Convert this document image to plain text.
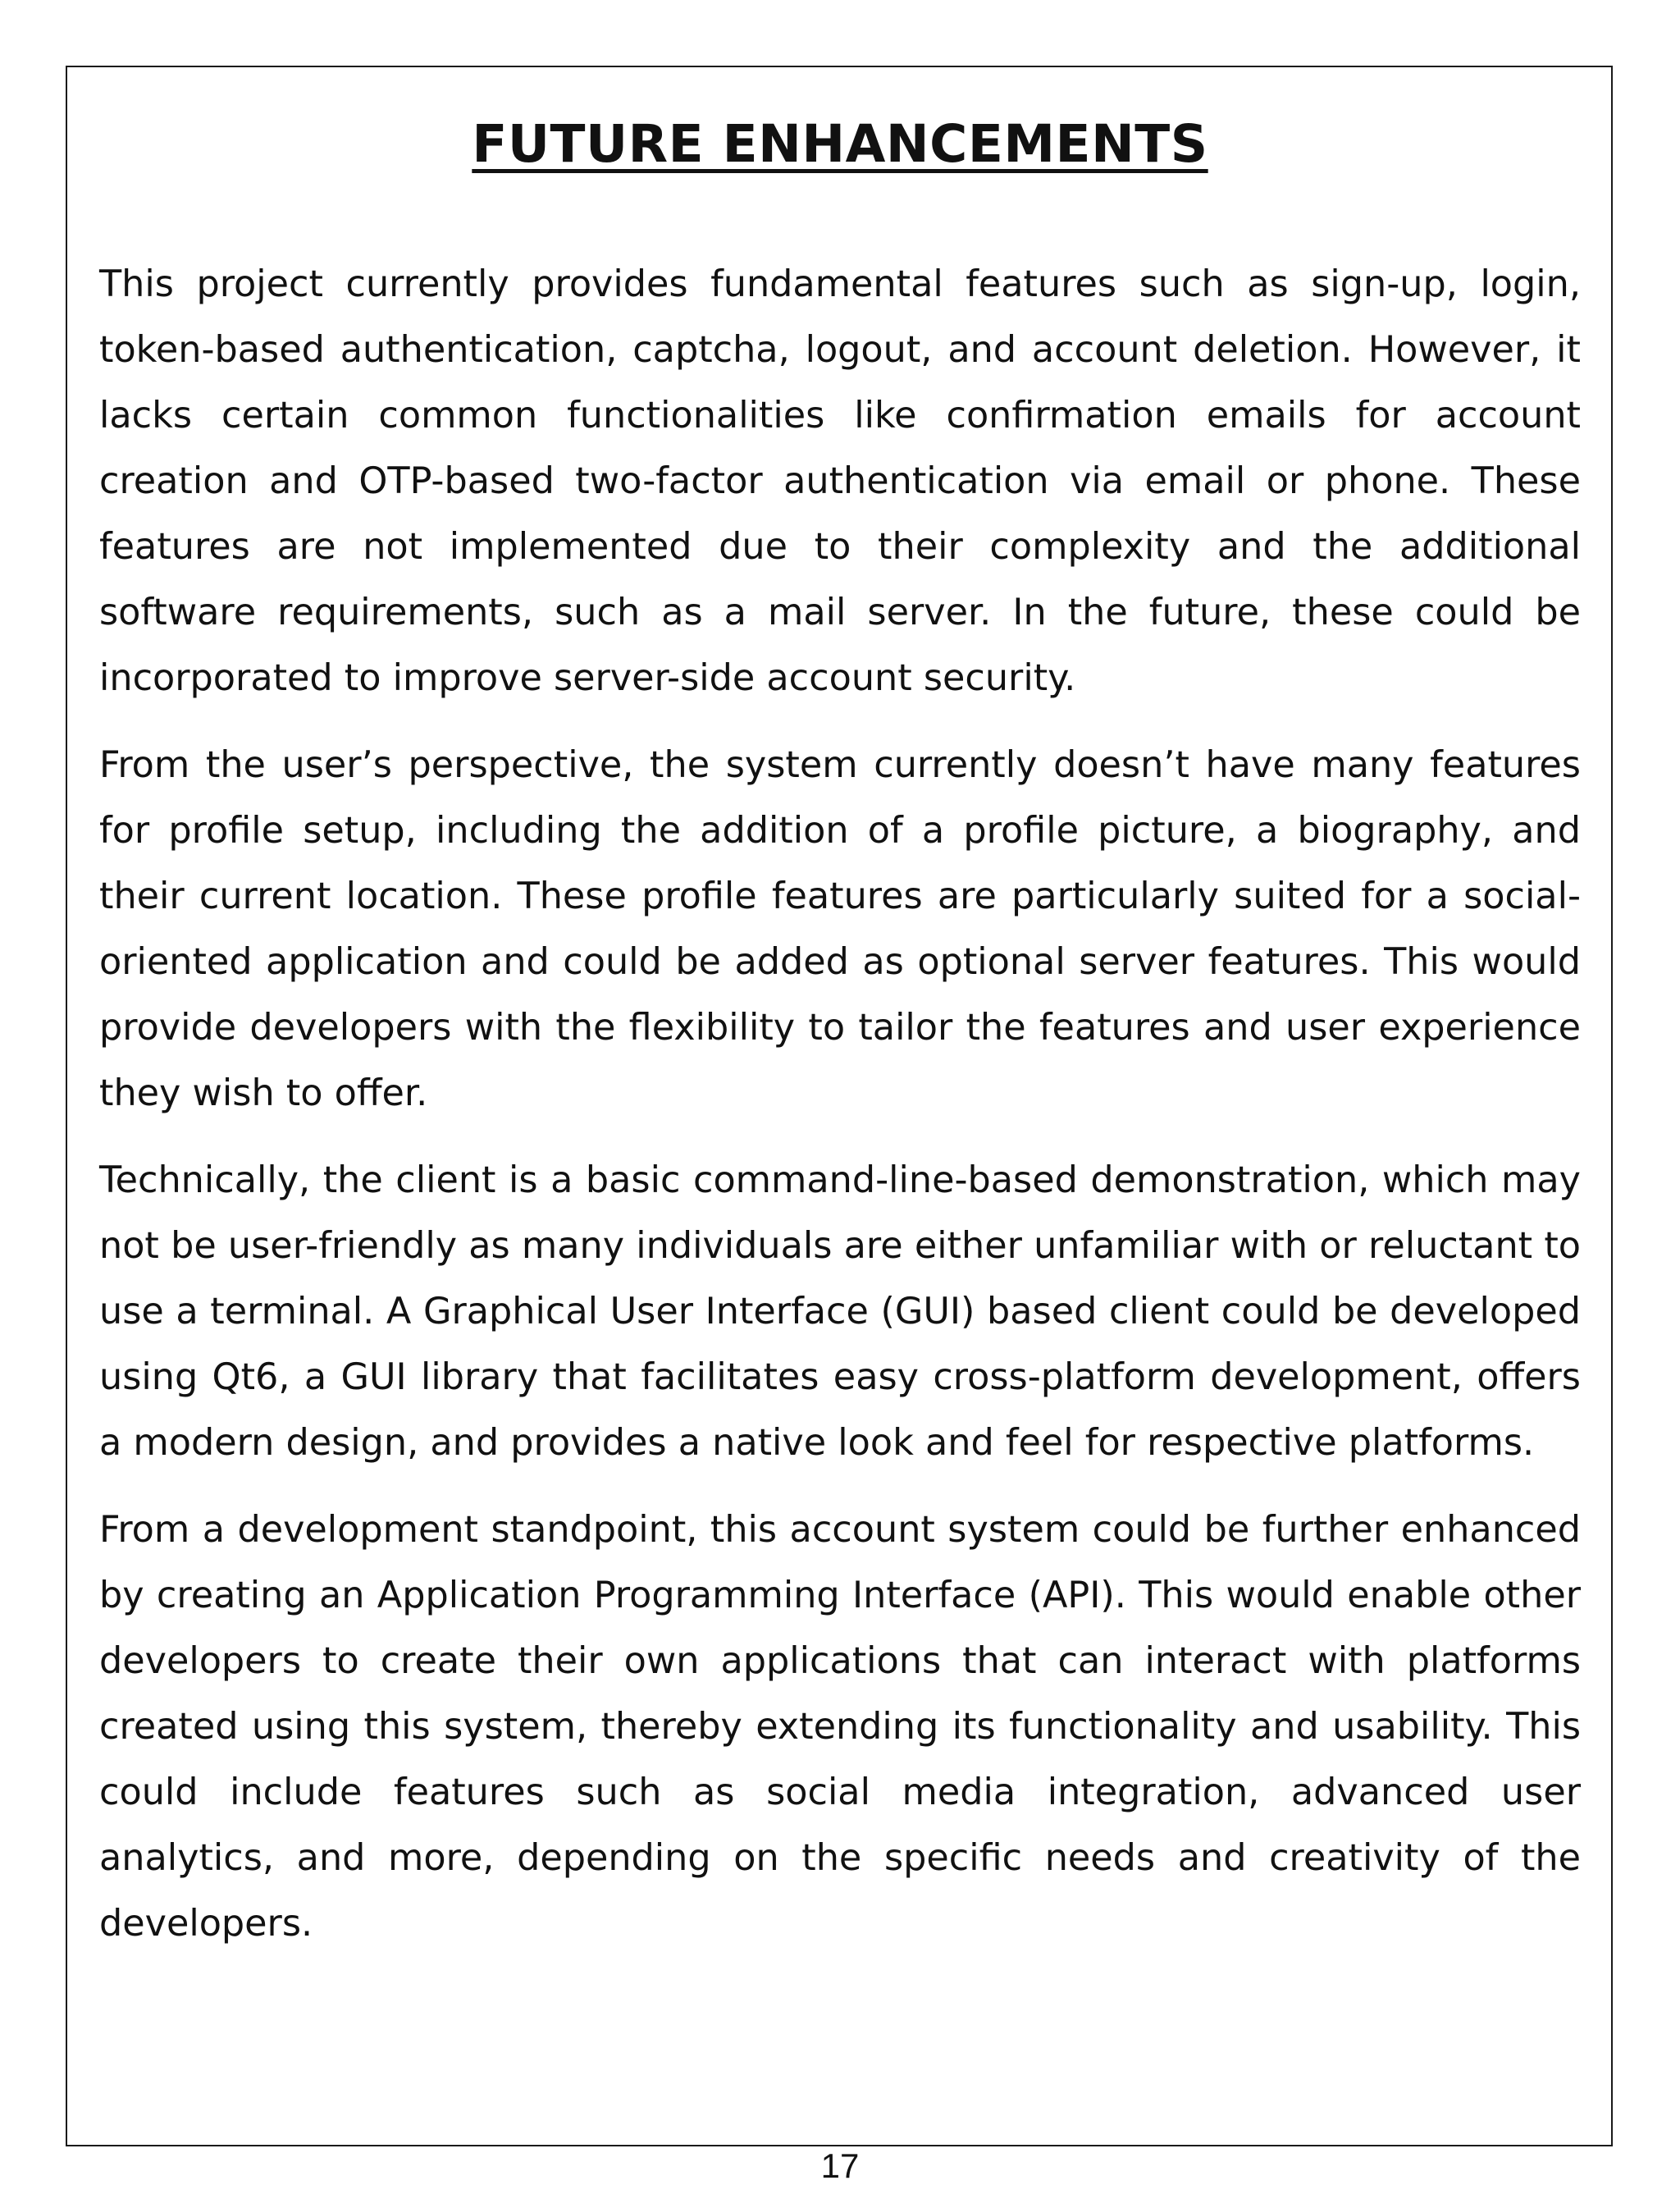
FUTURE ENHANCEMENTS

This project currently provides fundamental features such as sign-up, login, token-based authentication, captcha, logout, and account deletion. However, it lacks certain common functionalities like confirmation emails for account creation and OTP-based two-factor authentication via email or phone. These features are not implemented due to their complexity and the additional software requirements, such as a mail server. In the future, these could be incorporated to improve server-side account security.

From the user’s perspective, the system currently doesn’t have many features for profile setup, including the addition of a profile picture, a biography, and their current location. These profile features are particularly suited for a social-oriented application and could be added as optional server features. This would provide developers with the flexibility to tailor the features and user experience they wish to offer.

Technically, the client is a basic command-line-based demonstration, which may not be user-friendly as many individuals are either unfamiliar with or reluctant to use a terminal. A Graphical User Interface (GUI) based client could be developed using Qt6, a GUI library that facilitates easy cross-platform development, offers a modern design, and provides a native look and feel for respective platforms.

From a development standpoint, this account system could be further enhanced by creating an Application Programming Interface (API). This would enable other developers to create their own applications that can interact with platforms created using this system, thereby extending its functionality and usability. This could include features such as social media integration, advanced user analytics, and more, depending on the specific needs and creativity of the developers.

17
